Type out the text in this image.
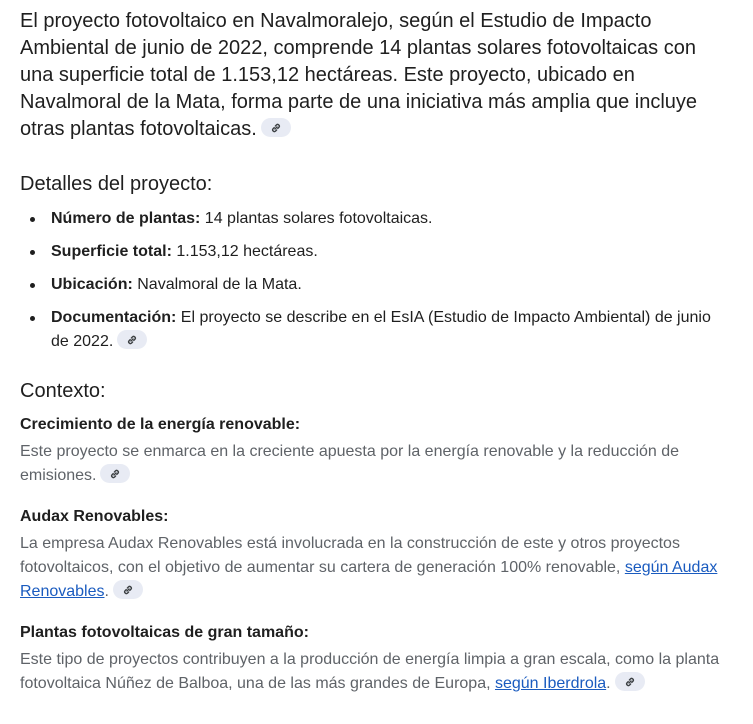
El proyecto fotovoltaico en Navalmoralejo, según el Estudio de Impacto Ambiental de junio de 2022, comprende 14 plantas solares fotovoltaicas con una superficie total de 1.153,12 hectáreas. Este proyecto, ubicado en Navalmoral de la Mata, forma parte de una iniciativa más amplia que incluye otras plantas fotovoltaicas.

Detalles del proyecto:
Número de plantas: 14 plantas solares fotovoltaicas.
Superficie total: 1.153,12 hectáreas.
Ubicación: Navalmoral de la Mata.
Documentación: El proyecto se describe en el EsIA (Estudio de Impacto Ambiental) de junio de 2022.
Contexto:
Crecimiento de la energía renovable:

Este proyecto se enmarca en la creciente apuesta por la energía renovable y la reducción de emisiones.

Audax Renovables:

La empresa Audax Renovables está involucrada en la construcción de este y otros proyectos fotovoltaicos, con el objetivo de aumentar su cartera de generación 100% renovable, según Audax Renovables.

Plantas fotovoltaicas de gran tamaño:

Este tipo de proyectos contribuyen a la producción de energía limpia a gran escala, como la planta fotovoltaica Núñez de Balboa, una de las más grandes de Europa, según Iberdrola.
